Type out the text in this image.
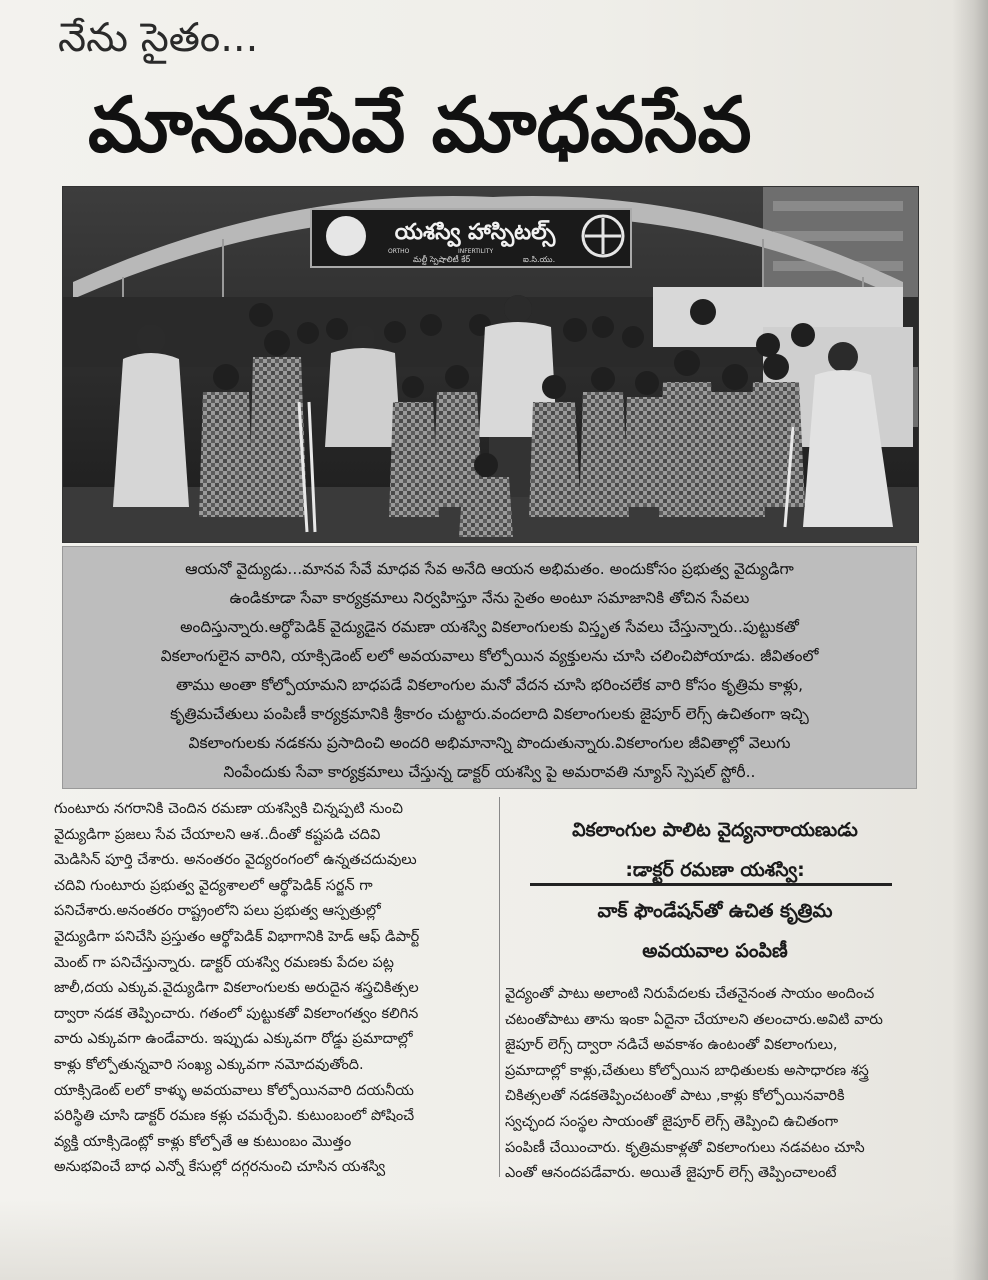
నేను సైతం...
మానవసేవే మాధవసేవ
యశస్వి హాస్పిటల్స్
ORTHO	INFERTILITY
మల్టీ స్పెషాలిటీ కేర్	ఐ.సి.యు.
ఆయనో వైద్యుడు...మానవ సేవే మాధవ సేవ అనేది ఆయన అభిమతం. అందుకోసం ప్రభుత్వ వైద్యుడిగా
ఉండికూడా సేవా కార్యక్రమాలు నిర్వహిస్తూ నేను సైతం అంటూ సమాజానికి తోచిన సేవలు
అందిస్తున్నారు.ఆర్థోపెడిక్ వైద్యుడైన రమణా యశస్వి వికలాంగులకు విస్తృత సేవలు చేస్తున్నారు..పుట్టుకతో
వికలాంగులైన వారిని, యాక్సిడెంట్ లలో అవయవాలు కోల్పోయిన వ్యక్తులను చూసి చలించిపోయాడు. జీవితంలో
తాము అంతా కోల్పోయామని బాధపడే వికలాంగుల మనో వేదన చూసి భరించలేక వారి కోసం కృత్రిమ కాళ్లు,
కృత్రిమచేతులు పంపిణీ కార్యక్రమానికి శ్రీకారం చుట్టారు.వందలాది వికలాంగులకు జైపూర్ లెగ్స్ ఉచితంగా ఇచ్చి
వికలాంగులకు నడకను ప్రసాదించి అందరి అభిమానాన్ని పొందుతున్నారు.వికలాంగుల జీవితాల్లో వెలుగు
నింపేందుకు సేవా కార్యక్రమాలు చేస్తున్న డాక్టర్ యశస్వి పై అమరావతి న్యూస్ స్పెషల్ స్టోరీ..
గుంటూరు నగరానికి చెందిన రమణా యశస్వికి చిన్నప్పటి నుంచి
వైద్యుడిగా ప్రజలు సేవ చేయాలని ఆశ..దీంతో కష్టపడి చదివి
మెడిసిన్ పూర్తి చేశారు. అనంతరం వైద్యరంగంలో ఉన్నతచదువులు
చదివి గుంటూరు ప్రభుత్వ వైద్యశాలలో ఆర్థోపెడిక్ సర్జన్ గా
పనిచేశారు.అనంతరం రాష్ట్రంలోని పలు ప్రభుత్వ ఆస్పత్రుల్లో
వైద్యుడిగా పనిచేసి ప్రస్తుతం ఆర్థోపెడిక్ విభాగానికి హెడ్ ఆఫ్ డిపార్ట్
మెంట్ గా పనిచేస్తున్నారు. డాక్టర్ యశస్వి రమణకు పేదల పట్ల
జాలీ,దయ ఎక్కువ.వైద్యుడిగా వికలాంగులకు అరుదైన శస్త్రచికిత్సల
ద్వారా నడక తెప్పించారు. గతంలో పుట్టుకతో వికలాంగత్వం కలిగిన
వారు ఎక్కువగా ఉండేవారు. ఇప్పుడు ఎక్కువగా రోడ్డు ప్రమాదాల్లో
కాళ్లు కోల్పోతున్నవారి సంఖ్య ఎక్కువగా నమోదవుతోంది.
యాక్సిడెంట్ లలో కాళ్ళు అవయవాలు కోల్పోయినవారి దయనీయ
పరిస్థితి చూసి డాక్టర్ రమణ కళ్లు చమర్చేవి. కుటుంబంలో పోషించే
వ్యక్తి యాక్సిడెంట్లో కాళ్లు కోల్పోతే ఆ కుటుంబం మొత్తం
అనుభవించే బాధ ఎన్నో కేసుల్లో దగ్గరనుంచి చూసిన యశస్వి
వికలాంగుల పాలిట వైద్యనారాయణుడు
:డాక్టర్ రమణా యశస్వి:
వాక్ ఫౌండేషన్‌తో ఉచిత కృత్రిమ
అవయవాల పంపిణీ
వైద్యంతో పాటు అలాంటి నిరుపేదలకు చేతనైనంత సాయం అందించ
చటంతోపాటు తాను ఇంకా ఏదైనా చేయాలని తలంచారు.అవిటి వారు
జైపూర్ లెగ్స్ ద్వారా నడిచే అవకాశం ఉంటంతో వికలాంగులు,
ప్రమాదాల్లో కాళ్లు,చేతులు కోల్పోయిన బాధితులకు అసాధారణ శస్త్ర
చికిత్సలతో నడకతెప్పించటంతో పాటు ,కాళ్లు కోల్పోయినవారికి
స్వచ్ఛంద సంస్థల సాయంతో జైపూర్ లెగ్స్ తెప్పించి ఉచితంగా
పంపిణీ చేయించారు. కృత్రిమకాళ్లతో వికలాంగులు నడవటం చూసి
ఎంతో ఆనందపడేవారు. అయితే జైపూర్ లెగ్స్ తెప్పించాలంటే
